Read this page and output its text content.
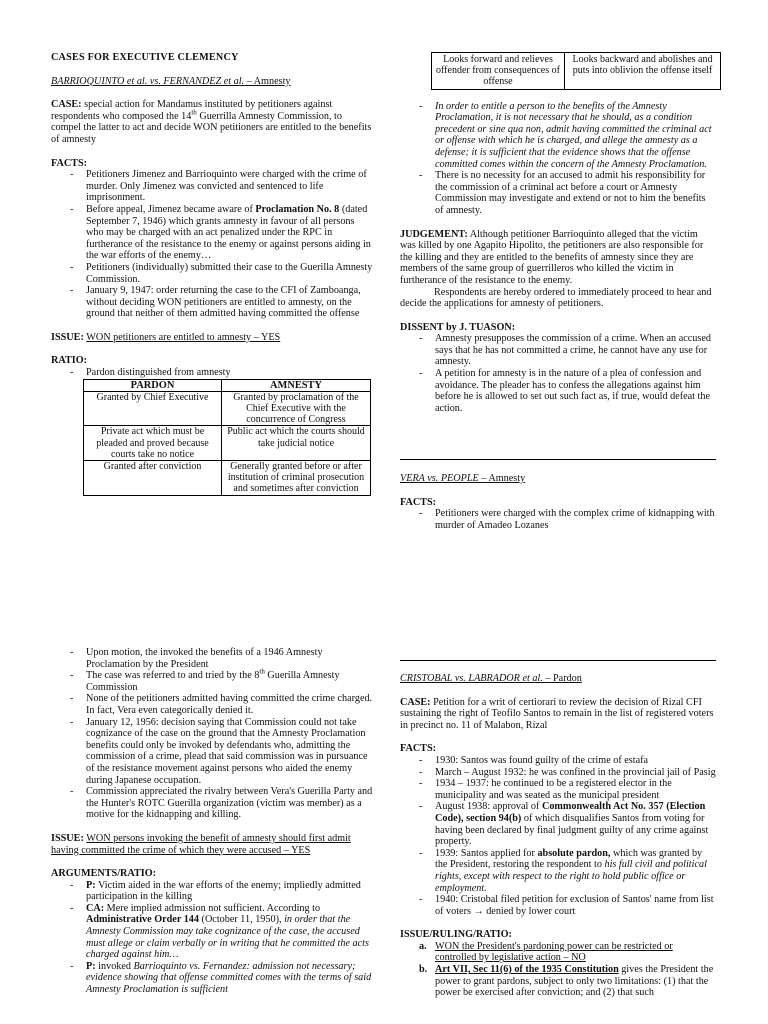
CASES FOR EXECUTIVE CLEMENCY

BARRIOQUINTO et al. vs. FERNANDEZ et al. – Amnesty

CASE: special action for Mandamus instituted by petitioners against respondents who composed the 14th Guerrilla Amnesty Commission, to compel the latter to act and decide WON petitioners are entitled to the benefits of amnesty

FACTS:

- Petitioners Jimenez and Barrioquinto were charged with the crime of murder. Only Jimenez was convicted and sentenced to life imprisonment.
- Before appeal, Jimenez became aware of Proclamation No. 8 (dated September 7, 1946) which grants amnesty in favour of all persons who may be charged with an act penalized under the RPC in furtherance of the resistance to the enemy or against persons aiding in the war efforts of the enemy…
- Petitioners (individually) submitted their case to the Guerilla Amnesty Commission.
- January 9, 1947: order returning the case to the CFI of Zamboanga, without deciding WON petitioners are entitled to amnesty, on the ground that neither of them admitted having committed the offense

ISSUE: WON petitioners are entitled to amnesty – YES

RATIO:

- Pardon distinguished from amnesty
PARDON	AMNESTY
Granted by Chief Executive	Granted by proclamation of the Chief Executive with the concurrence of Congress
Private act which must be pleaded and proved because courts take no notice	Public act which the courts should take judicial notice
Granted after conviction	Generally granted before or after institution of criminal prosecution and sometimes after conviction
Looks forward and relieves offender from consequences of offense	Looks backward and abolishes and puts into oblivion the offense itself
- In order to entitle a person to the benefits of the Amnesty Proclamation, it is not necessary that he should, as a condition precedent or sine qua non, admit having committed the criminal act or offense with which he is charged, and allege the amnesty as a defense; it is sufficient that the evidence shows that the offense committed comes within the concern of the Amnesty Proclamation.
- There is no necessity for an accused to admit his responsibility for the commission of a criminal act before a court or Amnesty Commission may investigate and extend or not to him the benefits of amnesty.

JUDGEMENT: Although petitioner Barrioquinto alleged that the victim was killed by one Agapito Hipolito, the petitioners are also responsible for the killing and they are entitled to the benefits of amnesty since they are members of the same group of guerrilleros who killed the victim in furtherance of the resistance to the enemy.

Respondents are hereby ordered to immediately proceed to hear and decide the applications for amnesty of petitioners.

DISSENT by J. TUASON:

- Amnesty presupposes the commission of a crime. When an accused says that he has not committed a crime, he cannot have any use for amnesty.
- A petition for amnesty is in the nature of a plea of confession and avoidance. The pleader has to confess the allegations against him before he is allowed to set out such fact as, if true, would defeat the action.

VERA vs. PEOPLE – Amnesty

FACTS:

- Petitioners were charged with the complex crime of kidnapping with murder of Amadeo Lozanes
- Upon motion, the invoked the benefits of a 1946 Amnesty Proclamation by the President
- The case was referred to and tried by the 8th Guerilla Amnesty Commission
- None of the petitioners admitted having committed the crime charged. In fact, Vera even categorically denied it.
- January 12, 1956: decision saying that Commission could not take cognizance of the case on the ground that the Amnesty Proclamation benefits could only be invoked by defendants who, admitting the commission of a crime, plead that said commission was in pursuance of the resistance movement against persons who aided the enemy during Japanese occupation.
- Commission appreciated the rivalry between Vera's Guerilla Party and the Hunter's ROTC Guerilla organization (victim was member) as a motive for the kidnapping and killing.

ISSUE: WON persons invoking the benefit of amnesty should first admit having committed the crime of which they were accused – YES

ARGUMENTS/RATIO:

- P: Victim aided in the war efforts of the enemy; impliedly admitted participation in the killing
- CA: Mere implied admission not sufficient. According to Administrative Order 144 (October 11, 1950), in order that the Amnesty Commission may take cognizance of the case, the accused must allege or claim verbally or in writing that he committed the acts charged against him…
- P: invoked Barrioquinto vs. Fernandez: admission not necessary; evidence showing that offense committed comes with the terms of said Amnesty Proclamation is sufficient

CRISTOBAL vs. LABRADOR et al. – Pardon

CASE: Petition for a writ of certiorari to review the decision of Rizal CFI sustaining the right of Teofilo Santos to remain in the list of registered voters in precinct no. 11 of Malabon, Rizal

FACTS:

- 1930: Santos was found guilty of the crime of estafa
- March – August 1932: he was confined in the provincial jail of Pasig
- 1934 – 1937: he continued to be a registered elector in the municipality and was seated as the municipal president
- August 1938: approval of Commonwealth Act No. 357 (Election Code), section 94(b) of which disqualifies Santos from voting for having been declared by final judgment guilty of any crime against property.
- 1939: Santos applied for absolute pardon, which was granted by the President, restoring the respondent to his full civil and political rights, except with respect to the right to hold public office or employment.
- 1940: Cristobal filed petition for exclusion of Santos' name from list of voters → denied by lower court

ISSUE/RULING/RATIO:

a. WON the President's pardoning power can be restricted or controlled by legislative action – NO
b. Art VII, Sec 11(6) of the 1935 Constitution gives the President the power to grant pardons, subject to only two limitations: (1) that the power be exercised after conviction; and (2) that such
